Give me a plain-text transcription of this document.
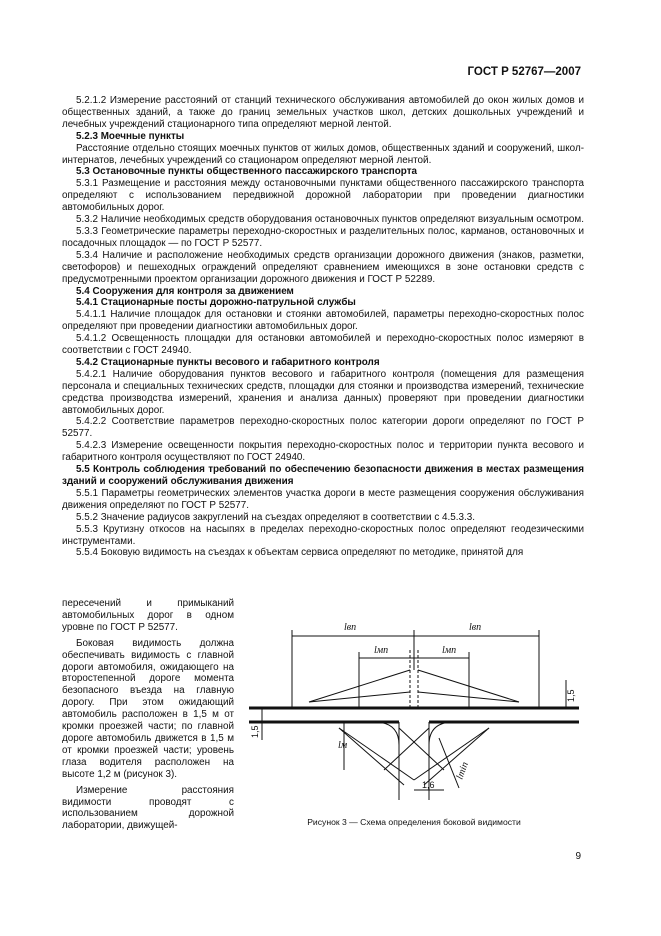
ГОСТ Р 52767—2007

5.2.1.2 Измерение расстояний от станций технического обслуживания автомобилей до окон жилых домов и общественных зданий, а также до границ земельных участков школ, детских дошкольных учреждений и лечебных учреждений стационарного типа определяют мерной лентой.

5.2.3 Моечные пункты

Расстояние отдельно стоящих моечных пунктов от жилых домов, общественных зданий и сооружений, школ-интернатов, лечебных учреждений со стационаром определяют мерной лентой.

5.3 Остановочные пункты общественного пассажирского транспорта

5.3.1 Размещение и расстояния между остановочными пунктами общественного пассажирского транспорта определяют с использованием передвижной дорожной лаборатории при проведении диагностики автомобильных дорог.

5.3.2 Наличие необходимых средств оборудования остановочных пунктов определяют визуальным осмотром.

5.3.3 Геометрические параметры переходно-скоростных и разделительных полос, карманов, остановочных и посадочных площадок — по ГОСТ Р 52577.

5.3.4 Наличие и расположение необходимых средств организации дорожного движения (знаков, разметки, светофоров) и пешеходных ограждений определяют сравнением имеющихся в зоне остановки средств с предусмотренными проектом организации дорожного движения и ГОСТ Р 52289.

5.4 Сооружения для контроля за движением

5.4.1 Стационарные посты дорожно-патрульной службы

5.4.1.1 Наличие площадок для остановки и стоянки автомобилей, параметры переходно-скоростных полос определяют при проведении диагностики автомобильных дорог.

5.4.1.2 Освещенность площадки для остановки автомобилей и переходно-скоростных полос измеряют в соответствии с ГОСТ 24940.

5.4.2 Стационарные пункты весового и габаритного контроля

5.4.2.1 Наличие оборудования пунктов весового и габаритного контроля (помещения для размещения персонала и специальных технических средств, площадки для стоянки и производства измерений, технические средства производства измерений, хранения и анализа данных) проверяют при проведении диагностики автомобильных дорог.

5.4.2.2 Соответствие параметров переходно-скоростных полос категории дороги определяют по ГОСТ Р 52577.

5.4.2.3 Измерение освещенности покрытия переходно-скоростных полос и территории пункта весового и габаритного контроля осуществляют по ГОСТ 24940.

5.5 Контроль соблюдения требований по обеспечению безопасности движения в местах размещения зданий и сооружений обслуживания движения

5.5.1 Параметры геометрических элементов участка дороги в месте размещения сооружения обслуживания движения определяют по ГОСТ Р 52577.

5.5.2 Значение радиусов закруглений на съездах определяют в соответствии с 4.5.3.3.

5.5.3 Крутизну откосов на насыпях в пределах переходно-скоростных полос определяют геодезическими инструментами.

5.5.4 Боковую видимость на съездах к объектам сервиса определяют по методике, принятой для

пересечений и примыканий автомобильных дорог в одном уровне по ГОСТ Р 52577.

Боковая видимость должна обеспечивать видимость с главной дороги автомобиля, ожидающего на второстепенной дороге момента безопасного въезда на главную дорогу. При этом ожидающий автомобиль расположен в 1,5 м от кромки проезжей части; по главной дороге автомобиль движется в 1,5 м от кромки проезжей части; уровень глаза водителя расположен на высоте 1,2 м (рисунок 3).

Измерение расстояния видимости проводят с использованием дорожной лаборатории, движущей-

lвп	lвп
lмп	lмп
lм
lmin
1,5
1,5
1,6
Рисунок 3 — Схема определения боковой видимости
9
